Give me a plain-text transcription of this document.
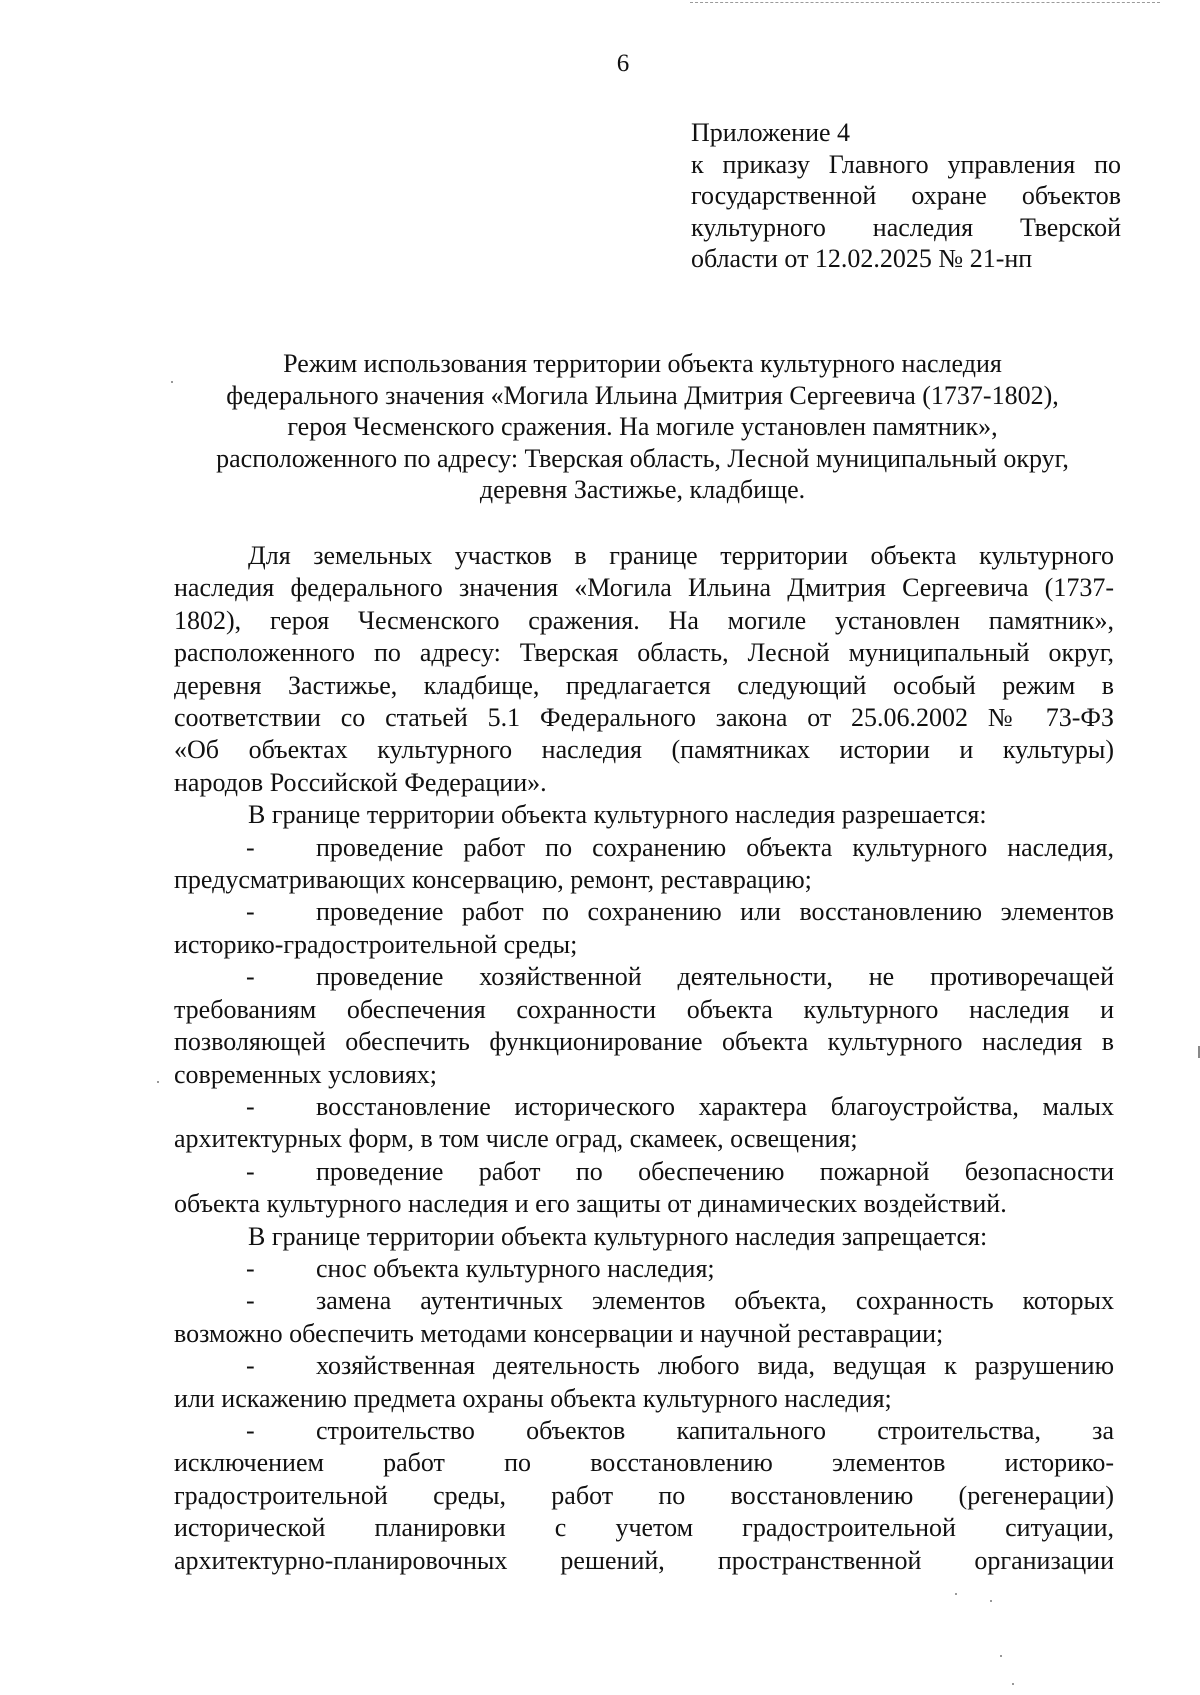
6
Приложение 4
к приказу Главного управления по
государственной охране объектов
культурного наследия Тверской
области от 12.02.2025 № 21-нп
Режим использования территории объекта культурного наследия
федерального значения «Могила Ильина Дмитрия Сергеевича (1737-1802),
героя Чесменского сражения. На могиле установлен памятник»,
расположенного по адресу: Тверская область, Лесной муниципальный округ,
деревня Застижье, кладбище.
Для земельных участков в границе территории объекта культурного
наследия федерального значения «Могила Ильина Дмитрия Сергеевича (1737-
1802), героя Чесменского сражения. На могиле установлен памятник»,
расположенного по адресу: Тверская область, Лесной муниципальный округ,
деревня Застижье, кладбище, предлагается следующий особый режим в
соответствии со статьей 5.1 Федерального закона от 25.06.2002 № 73-ФЗ
«Об объектах культурного наследия (памятниках истории и культуры)
народов Российской Федерации».
В границе территории объекта культурного наследия разрешается:
-	проведение работ по сохранению объекта культурного наследия,
предусматривающих консервацию, ремонт, реставрацию;
-	проведение работ по сохранению или восстановлению элементов
историко-градостроительной среды;
-	проведение хозяйственной деятельности, не противоречащей
требованиям обеспечения сохранности объекта культурного наследия и
позволяющей обеспечить функционирование объекта культурного наследия в
современных условиях;
-	восстановление исторического характера благоустройства, малых
архитектурных форм, в том числе оград, скамеек, освещения;
-	проведение работ по обеспечению пожарной безопасности
объекта культурного наследия и его защиты от динамических воздействий.
В границе территории объекта культурного наследия запрещается:
-	снос объекта культурного наследия;
-	замена аутентичных элементов объекта, сохранность которых
возможно обеспечить методами консервации и научной реставрации;
-	хозяйственная деятельность любого вида, ведущая к разрушению
или искажению предмета охраны объекта культурного наследия;
-	строительство объектов капитального строительства, за
исключением работ по восстановлению элементов историко-
градостроительной среды, работ по восстановлению (регенерации)
исторической планировки с учетом градостроительной ситуации,
архитектурно-планировочных решений, пространственной организации
